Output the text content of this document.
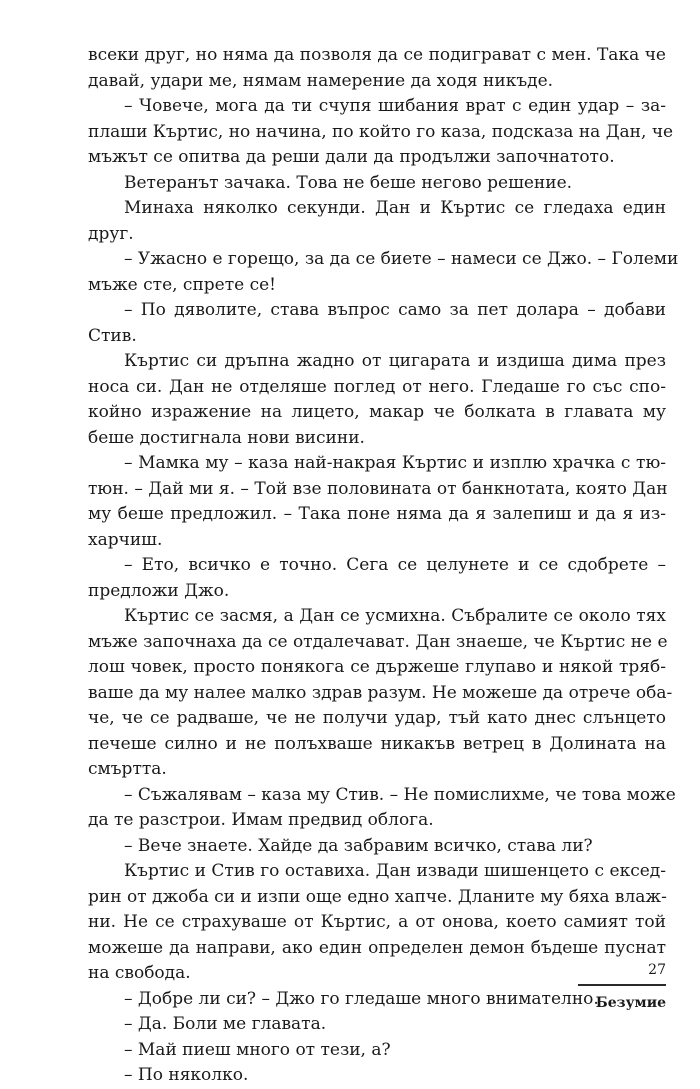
всеки друг, но няма да позволя да се подиграват с мен. Така че
давай, удари ме, нямам намерение да ходя никъде.
– Човече, мога да ти счупя шибания врат с един удар – за-
плаши Къртис, но начина, по който го каза, подсказа на Дан, че
мъжът се опитва да реши дали да продължи започнатото.
Ветеранът зачака. Това не беше негово решение.
Минаха няколко секунди. Дан и Къртис се гледаха един
друг.
– Ужасно е горещо, за да се биете – намеси се Джо. – Големи
мъже сте, спрете се!
– По дяволите, става въпрос само за пет долара – добави
Стив.
Къртис си дръпна жадно от цигарата и издиша дима през
носа си. Дан не отделяше поглед от него. Гледаше го със спо-
койно изражение на лицето, макар че болката в главата му
беше достигнала нови висини.
– Мамка му – каза най-накрая Къртис и изплю храчка с тю-
тюн. – Дай ми я. – Той взе половината от банкнотата, която Дан
му беше предложил. – Така поне няма да я залепиш и да я из-
харчиш.
– Ето, всичко е точно. Сега се целунете и се сдобрете –
предложи Джо.
Къртис се засмя, а Дан се усмихна. Събралите се около тях
мъже започнаха да се отдалечават. Дан знаеше, че Къртис не е
лош човек, просто понякога се държеше глупаво и някой тряб-
ваше да му налее малко здрав разум. Не можеше да отрече оба-
че, че се радваше, че не получи удар, тъй като днес слънцето
печеше силно и не полъхваше никакъв ветрец в Долината на
смъртта.
– Съжалявам – каза му Стив. – Не помислихме, че това може
да те разстрои. Имам предвид облога.
– Вече знаете. Хайде да забравим всичко, става ли?
Къртис и Стив го оставиха. Дан извади шишенцето с ексед-
рин от джоба си и изпи още едно хапче. Дланите му бяха влаж-
ни. Не се страхуваше от Къртис, а от онова, което самият той
можеше да направи, ако един определен демон бъдеше пуснат
на свобода.
– Добре ли си? – Джо го гледаше много внимателно.
– Да. Боли ме главата.
– Май пиеш много от тези, а?
– По няколко.
27
Безумие
